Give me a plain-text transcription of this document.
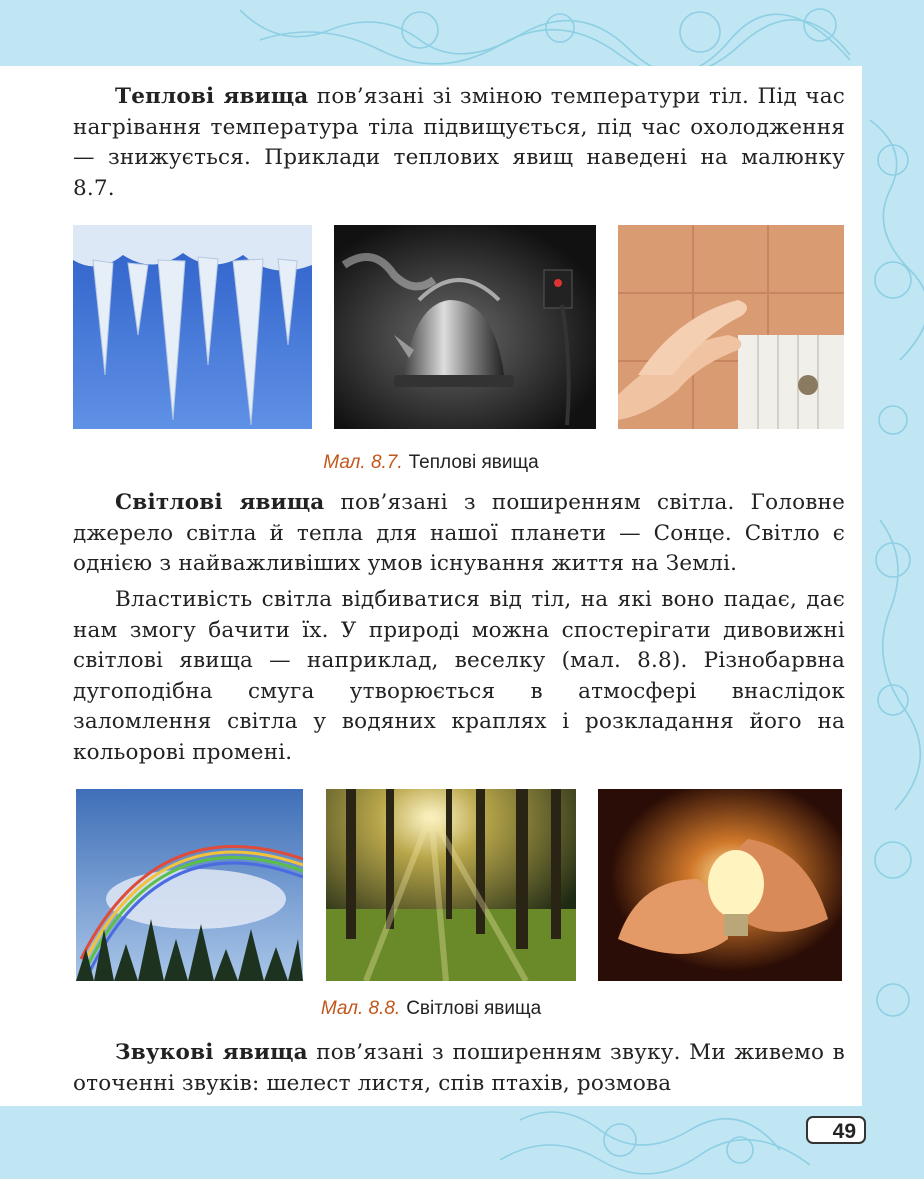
Теплові явища пов’язані зі зміною температури тіл. Під час нагрівання температура тіла підвищується, під час охолодження — знижується. Приклади теплових явищ наведені на малюнку 8.7.

Мал. 8.7. Теплові явища

Світлові явища пов’язані з поширенням світла. Головне джерело світла й тепла для нашої планети — Сонце. Світло є однією з найважливіших умов існування життя на Землі.

Властивість світла відбиватися від тіл, на які воно падає, дає нам змогу бачити їх. У природі можна спостерігати дивовижні світлові явища — наприклад, веселку (мал. 8.8). Різнобарвна дугоподібна смуга утворюється в атмосфері внаслідок заломлення світла у водяних краплях і розкладання його на кольорові промені.

Мал. 8.8. Світлові явища

Звукові явища пов’язані з поширенням звуку. Ми живемо в оточенні звуків: шелест листя, спів птахів, розмова

49
